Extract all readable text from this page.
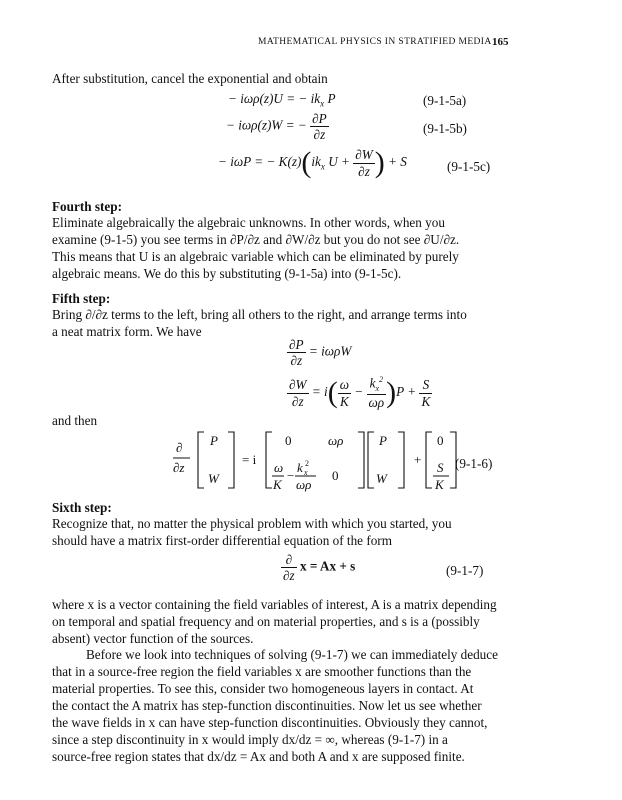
MATHEMATICAL PHYSICS IN STRATIFIED MEDIA 165
After substitution, cancel the exponential and obtain
− iωρ(z)U = − $ik_x$ P	(9-1-5a)
− iωρ(z)W = − $\frac{\partial P}{\partial z}$	(9-1-5b)
− iωP = − $K(z)(ik_x$ $U + \frac{\partial W}{\partial z}$ ) + S	(9-1-5c)
Fourth step:
Eliminate algebraically the algebraic unknowns. In other words, when you
examine (9-1-5) you see terms in ∂P/∂z and ∂W/∂z but you do not see ∂U/∂z.
This means that U is an algebraic variable which can be eliminated by purely
algebraic means. We do this by substituting (9-1-5a) into (9-1-5c).
Fifth step:
Bring ∂/∂z terms to the left, bring all others to the right, and arrange terms into
a neat matrix form. We have
$\frac{\partial P}{\partial z} = i\omega\rho W$
$\frac{\partial W}{\partial z} = i( \frac{\omega}{K} - \frac{k_x^2}{\omega\rho} )P + \frac{S}{K}$
and then
∂
∂z
P
W
= i
0	ωρ
ω
K
−
k x
2
ωρ
0
P
W
+
0
S
K
(9-1-6)
Sixth step:
Recognize that, no matter the physical problem with which you started, you
should have a matrix first-order differential equation of the form
$\frac{\partial}{\partial z}$ x = Ax + s	(9-1-7)
where x is a vector containing the field variables of interest, A is a matrix depending
on temporal and spatial frequency and on material properties, and s is a (possibly
absent) vector function of the sources.
Before we look into techniques of solving (9-1-7) we can immediately deduce
that in a source-free region the field variables x are smoother functions than the
material properties. To see this, consider two homogeneous layers in contact. At
the contact the A matrix has step-function discontinuities. Now let us see whether
the wave fields in x can have step-function discontinuities. Obviously they cannot,
since a step discontinuity in x would imply dx/dz = ∞, whereas (9-1-7) in a
source-free region states that dx/dz = Ax and both A and x are supposed finite.
